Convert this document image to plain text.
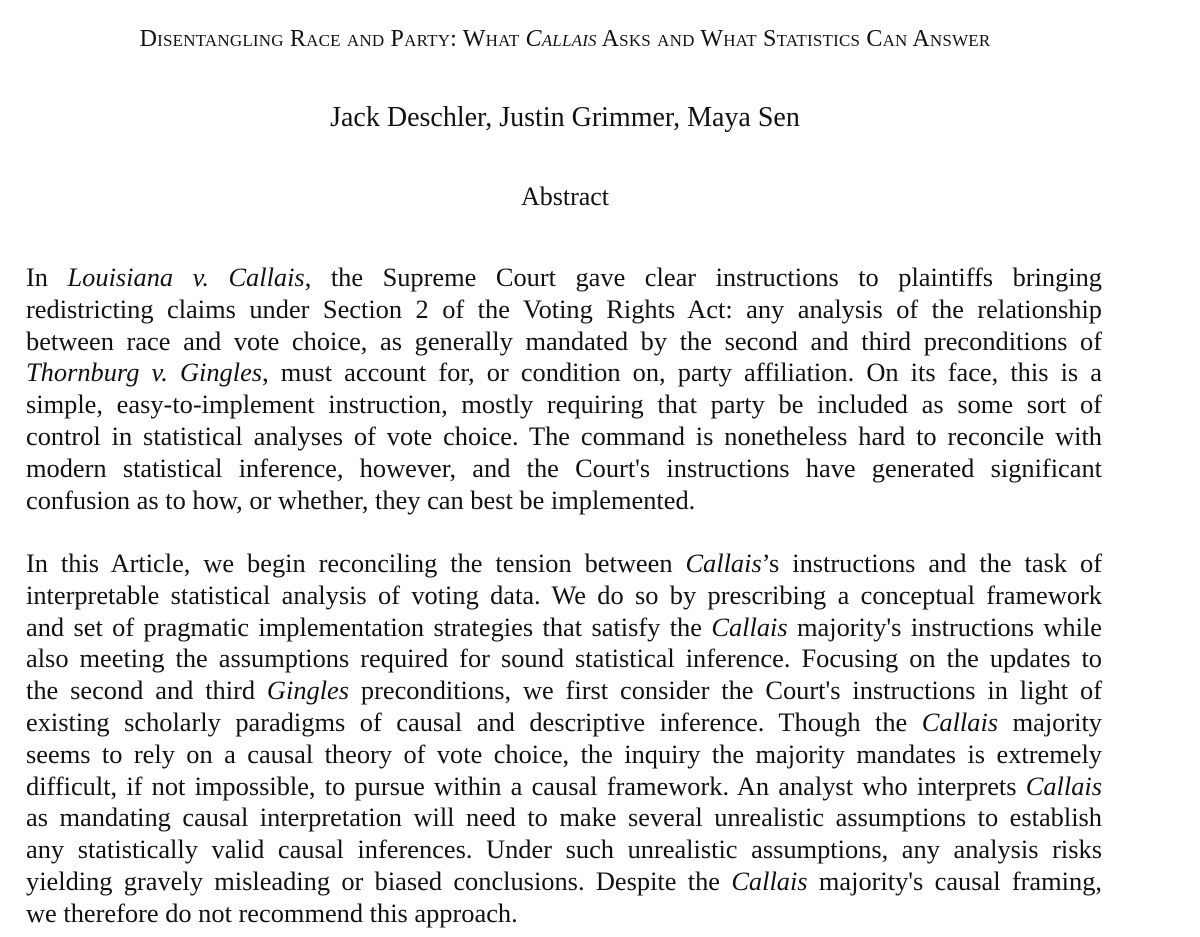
Disentangling Race and Party: What Callais Asks and What Statistics Can Answer
Jack Deschler, Justin Grimmer, Maya Sen
Abstract
In Louisiana v. Callais, the Supreme Court gave clear instructions to plaintiffs bringing
redistricting claims under Section 2 of the Voting Rights Act: any analysis of the relationship
between race and vote choice, as generally mandated by the second and third preconditions of
Thornburg v. Gingles, must account for, or condition on, party affiliation. On its face, this is a
simple, easy-to-implement instruction, mostly requiring that party be included as some sort of
control in statistical analyses of vote choice. The command is nonetheless hard to reconcile with
modern statistical inference, however, and the Court's instructions have generated significant
confusion as to how, or whether, they can best be implemented.
In this Article, we begin reconciling the tension between Callais’s instructions and the task of
interpretable statistical analysis of voting data. We do so by prescribing a conceptual framework
and set of pragmatic implementation strategies that satisfy the Callais majority's instructions while
also meeting the assumptions required for sound statistical inference. Focusing on the updates to
the second and third Gingles preconditions, we first consider the Court's instructions in light of
existing scholarly paradigms of causal and descriptive inference. Though the Callais majority
seems to rely on a causal theory of vote choice, the inquiry the majority mandates is extremely
difficult, if not impossible, to pursue within a causal framework. An analyst who interprets Callais
as mandating causal interpretation will need to make several unrealistic assumptions to establish
any statistically valid causal inferences. Under such unrealistic assumptions, any analysis risks
yielding gravely misleading or biased conclusions. Despite the Callais majority's causal framing,
we therefore do not recommend this approach.
